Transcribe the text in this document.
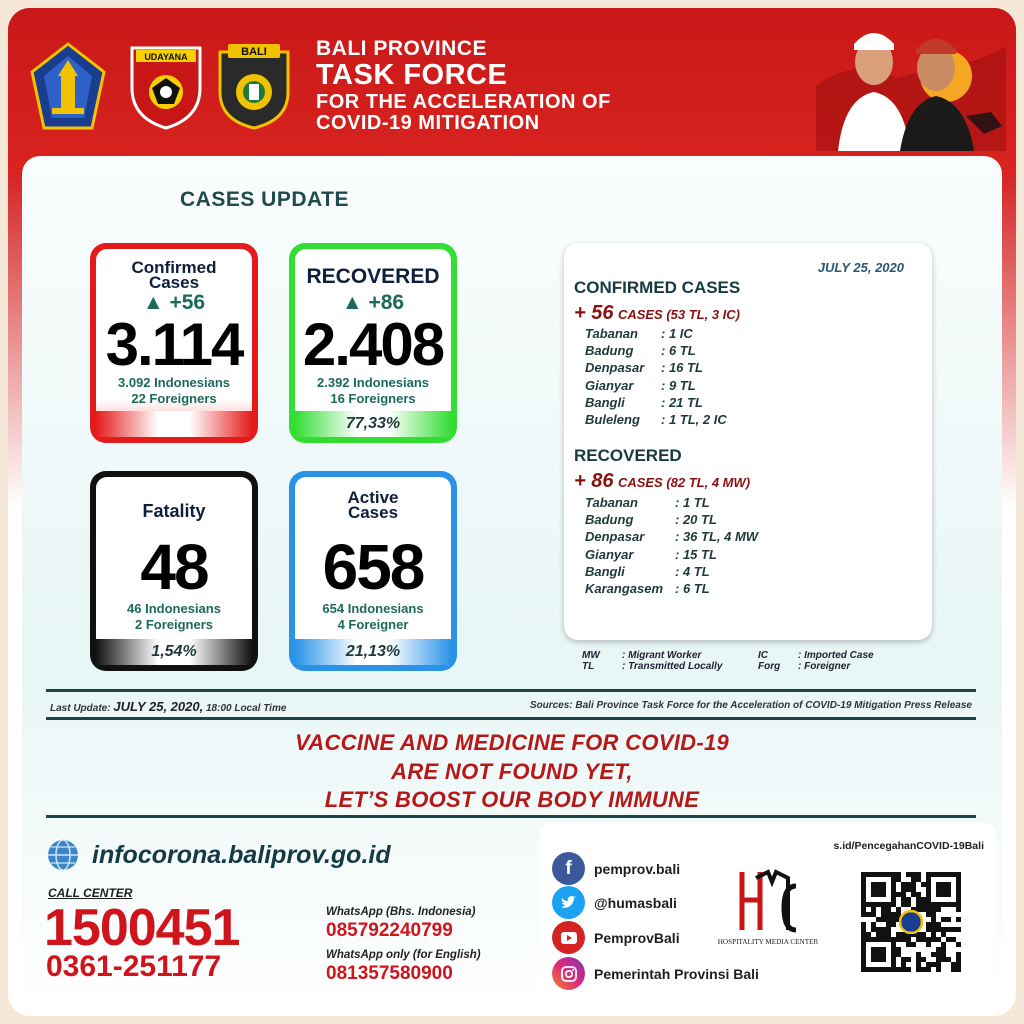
UDAYANA	BALI BALI PROVINCE
TASK FORCE
FOR THE ACCELERATION OF
COVID-19 MITIGATION
CASES UPDATE
Confirmed
Cases
▲ +56
3.114
3.092 Indonesians
22 Foreigners
RECOVERED
▲ +86
2.408
2.392 Indonesians
16 Foreigners
77,33%
Fatality
48
46 Indonesians
2 Foreigners
1,54%
Active
Cases
658
654 Indonesians
4 Foreigner
21,13%
JULY 25, 2020
CONFIRMED CASES
+ 56 CASES (53 TL, 3 IC)
Tabanan	: 1 IC
Badung	: 6 TL
Denpasar	: 16 TL
Gianyar	: 9 TL
Bangli	: 21 TL
Buleleng	: 1 TL, 2 IC
RECOVERED
+ 86 CASES (82 TL, 4 MW)
Tabanan	: 1 TL
Badung	: 20 TL
Denpasar	: 36 TL, 4 MW
Gianyar	: 15 TL
Bangli	: 4 TL
Karangasem : 6 TL
MW : Migrant Worker	IC	: Imported Case
TL	: Transmitted Locally	Forg : Foreigner
Last Update: JULY 25, 2020, 18:00 Local Time	Sources: Bali Province Task Force for the Acceleration of COVID-19 Mitigation Press Release
VACCINE AND MEDICINE FOR COVID-19
ARE NOT FOUND YET,
LET’S BOOST OUR BODY IMMUNE
infocorona.baliprov.go.id
CALL CENTER
1500451
0361-251177
WhatsApp (Bhs. Indonesia)
085792240799
WhatsApp only (for English)
081357580900
f	pemprov.bali
@humasbali
PemprovBali
Pemerintah Provinsi Bali
HOSPITALITY MEDIA CENTER
s.id/PencegahanCOVID-19Bali
